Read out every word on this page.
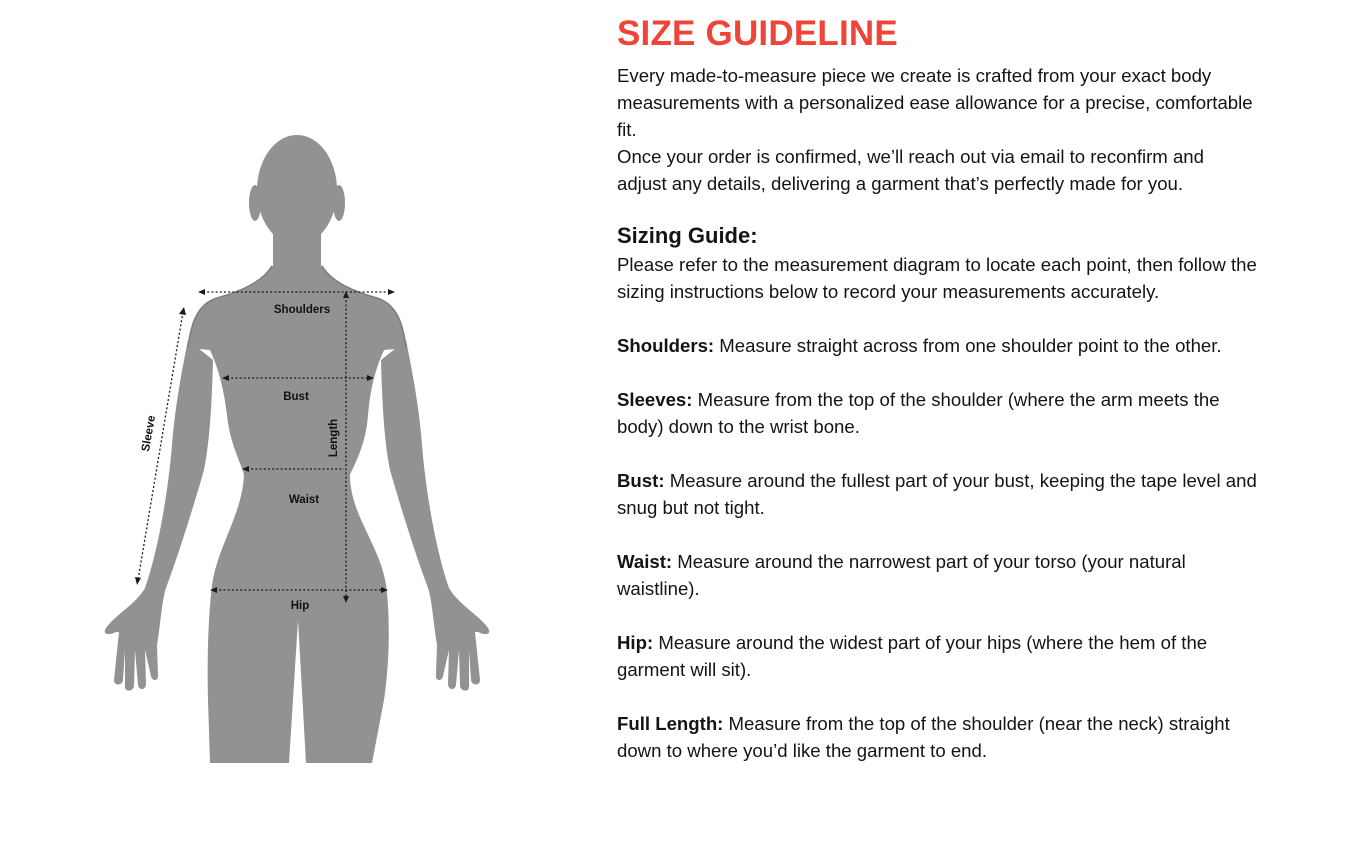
Shoulders
Length
Sleeve
Bust
Waist
Hip
SIZE GUIDELINE

Every made-to-measure piece we create is crafted from your exact body measurements with a personalized ease allowance for a precise, comfortable fit.

Once your order is confirmed, we’ll reach out via email to reconfirm and adjust any details, delivering a garment that’s perfectly made for you.

Sizing Guide:

Please refer to the measurement diagram to locate each point, then follow the sizing instructions below to record your measurements accurately.

Shoulders: Measure straight across from one shoulder point to the other.

Sleeves: Measure from the top of the shoulder (where the arm meets the body) down to the wrist bone.

Bust: Measure around the fullest part of your bust, keeping the tape level and snug but not tight.

Waist: Measure around the narrowest part of your torso (your natural waistline).

Hip: Measure around the widest part of your hips (where the hem of the garment will sit).

Full Length: Measure from the top of the shoulder (near the neck) straight down to where you’d like the garment to end.
